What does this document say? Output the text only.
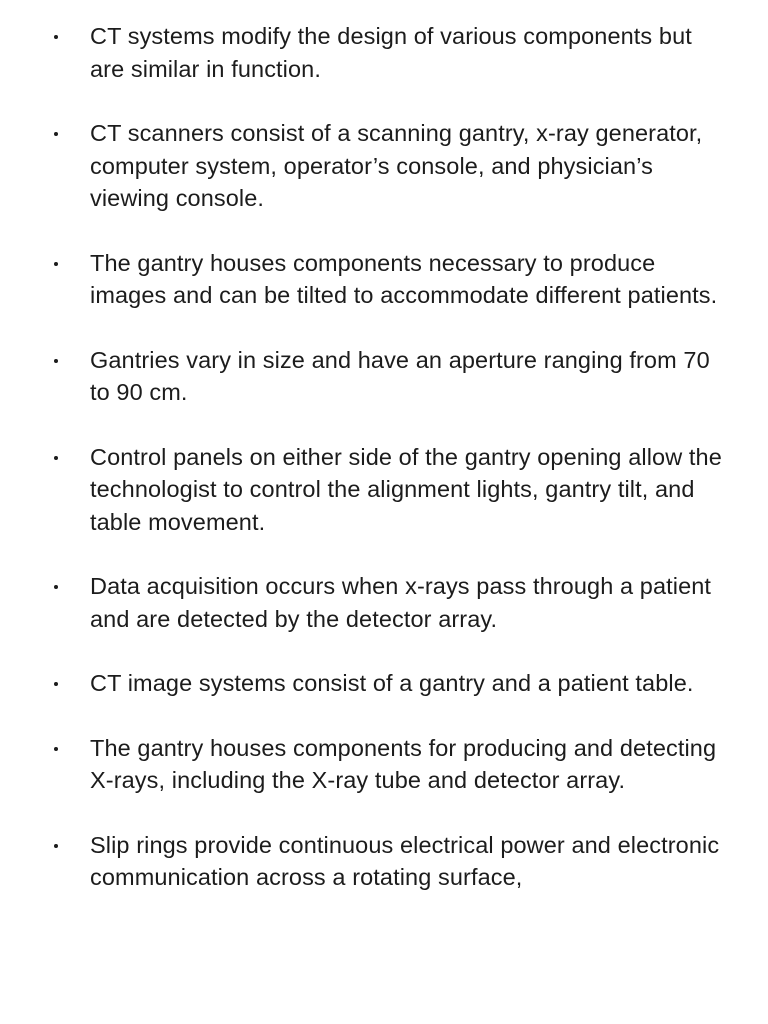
CT systems modify the design of various components but are similar in function.
CT scanners consist of a scanning gantry, x-ray generator, computer system, operator’s console, and physician’s viewing console.
The gantry houses components necessary to produce images and can be tilted to accommodate different patients.
Gantries vary in size and have an aperture ranging from 70 to 90 cm.
Control panels on either side of the gantry opening allow the technologist to control the alignment lights, gantry tilt, and table movement.
Data acquisition occurs when x-rays pass through a patient and are detected by the detector array.
CT image systems consist of a gantry and a patient table.
The gantry houses components for producing and detecting X-rays, including the X-ray tube and detector array.
Slip rings provide continuous electrical power and electronic communication across a rotating surface,
